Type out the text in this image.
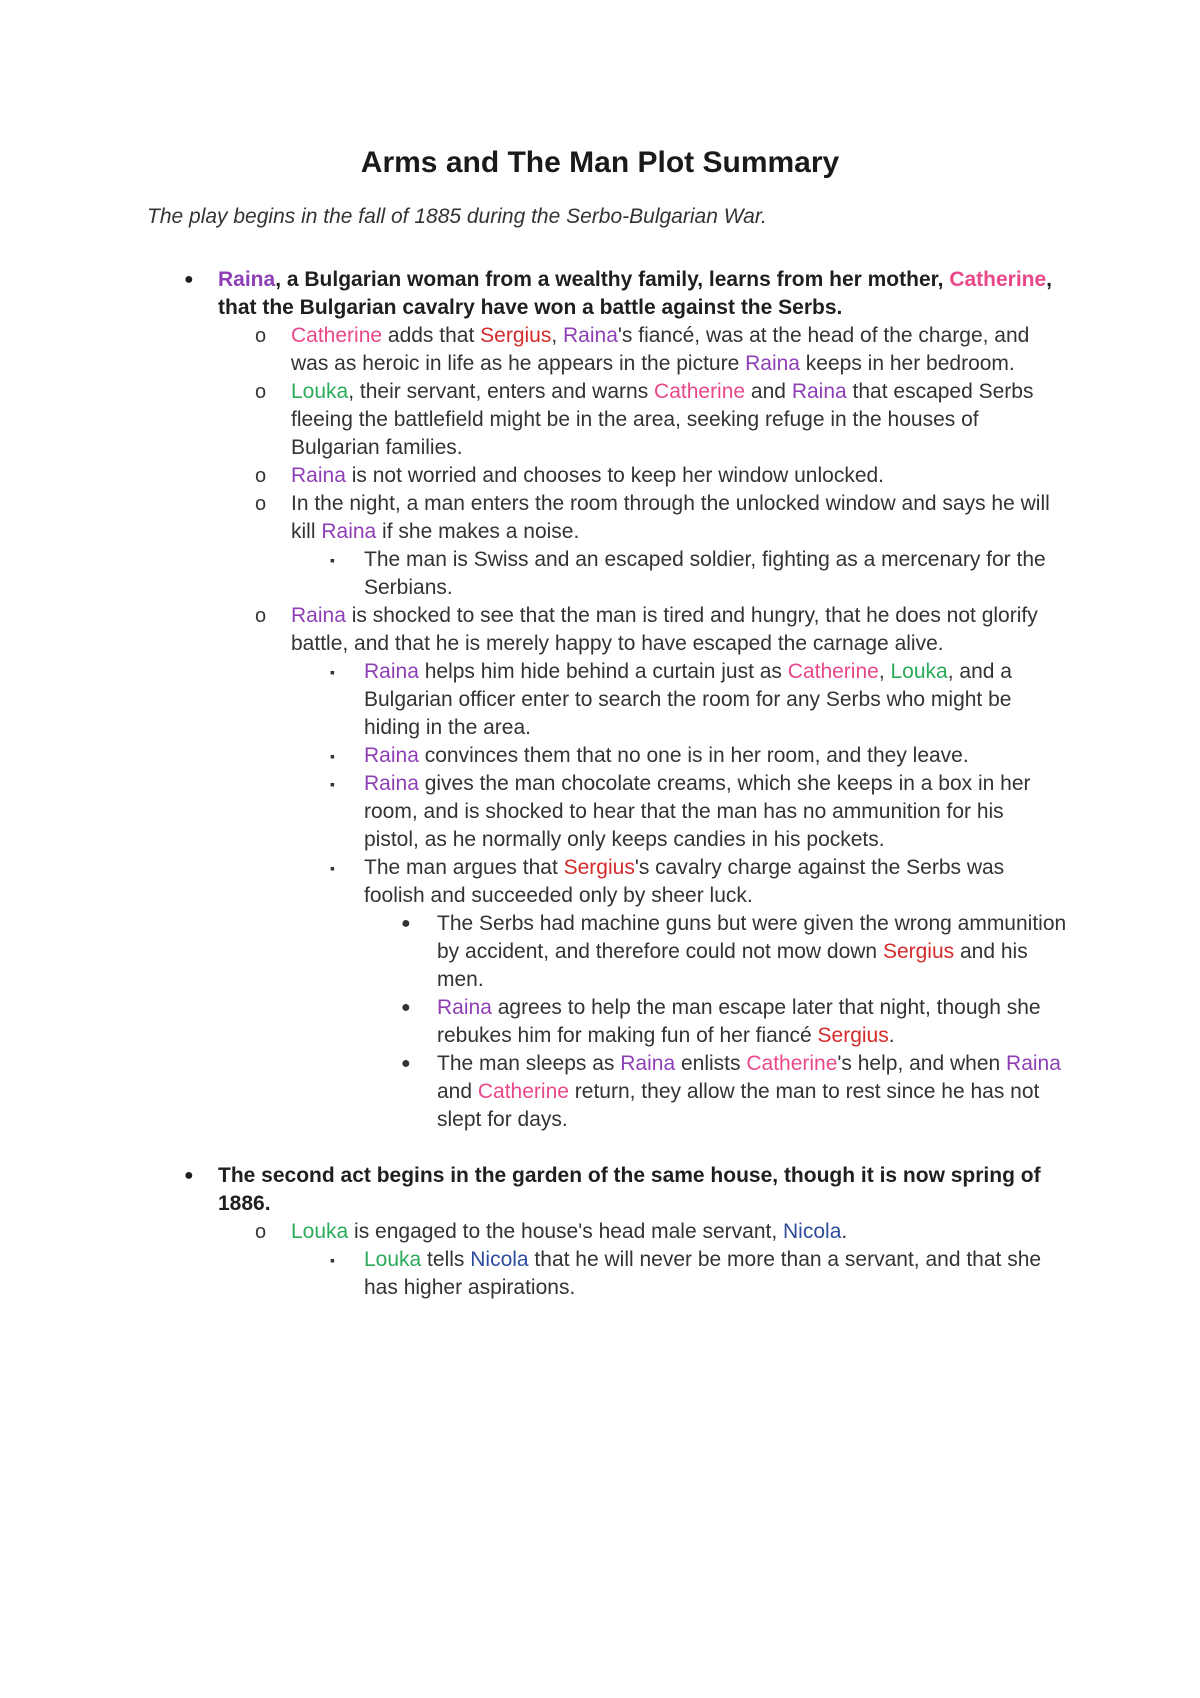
Arms and The Man Plot Summary

The play begins in the fall of 1885 during the Serbo-Bulgarian War.

● Raina, a Bulgarian woman from a wealthy family, learns from her mother, Catherine, that the Bulgarian cavalry have won a battle against the Serbs.
o Catherine adds that Sergius, Raina's fiancé, was at the head of the charge, and was as heroic in life as he appears in the picture Raina keeps in her bedroom.
o Louka, their servant, enters and warns Catherine and Raina that escaped Serbs fleeing the battlefield might be in the area, seeking refuge in the houses of Bulgarian families.
o Raina is not worried and chooses to keep her window unlocked.
o In the night, a man enters the room through the unlocked window and says he will kill Raina if she makes a noise.
▪ The man is Swiss and an escaped soldier, fighting as a mercenary for the Serbians.
o Raina is shocked to see that the man is tired and hungry, that he does not glorify battle, and that he is merely happy to have escaped the carnage alive.
▪ Raina helps him hide behind a curtain just as Catherine, Louka, and a Bulgarian officer enter to search the room for any Serbs who might be hiding in the area.
▪ Raina convinces them that no one is in her room, and they leave.
▪ Raina gives the man chocolate creams, which she keeps in a box in her room, and is shocked to hear that the man has no ammunition for his pistol, as he normally only keeps candies in his pockets.
▪ The man argues that Sergius's cavalry charge against the Serbs was foolish and succeeded only by sheer luck.
● The Serbs had machine guns but were given the wrong ammunition by accident, and therefore could not mow down Sergius and his men.
● Raina agrees to help the man escape later that night, though she rebukes him for making fun of her fiancé Sergius.
● The man sleeps as Raina enlists Catherine's help, and when Raina and Catherine return, they allow the man to rest since he has not slept for days.
● The second act begins in the garden of the same house, though it is now spring of 1886.
o Louka is engaged to the house's head male servant, Nicola.
▪ Louka tells Nicola that he will never be more than a servant, and that she has higher aspirations.
